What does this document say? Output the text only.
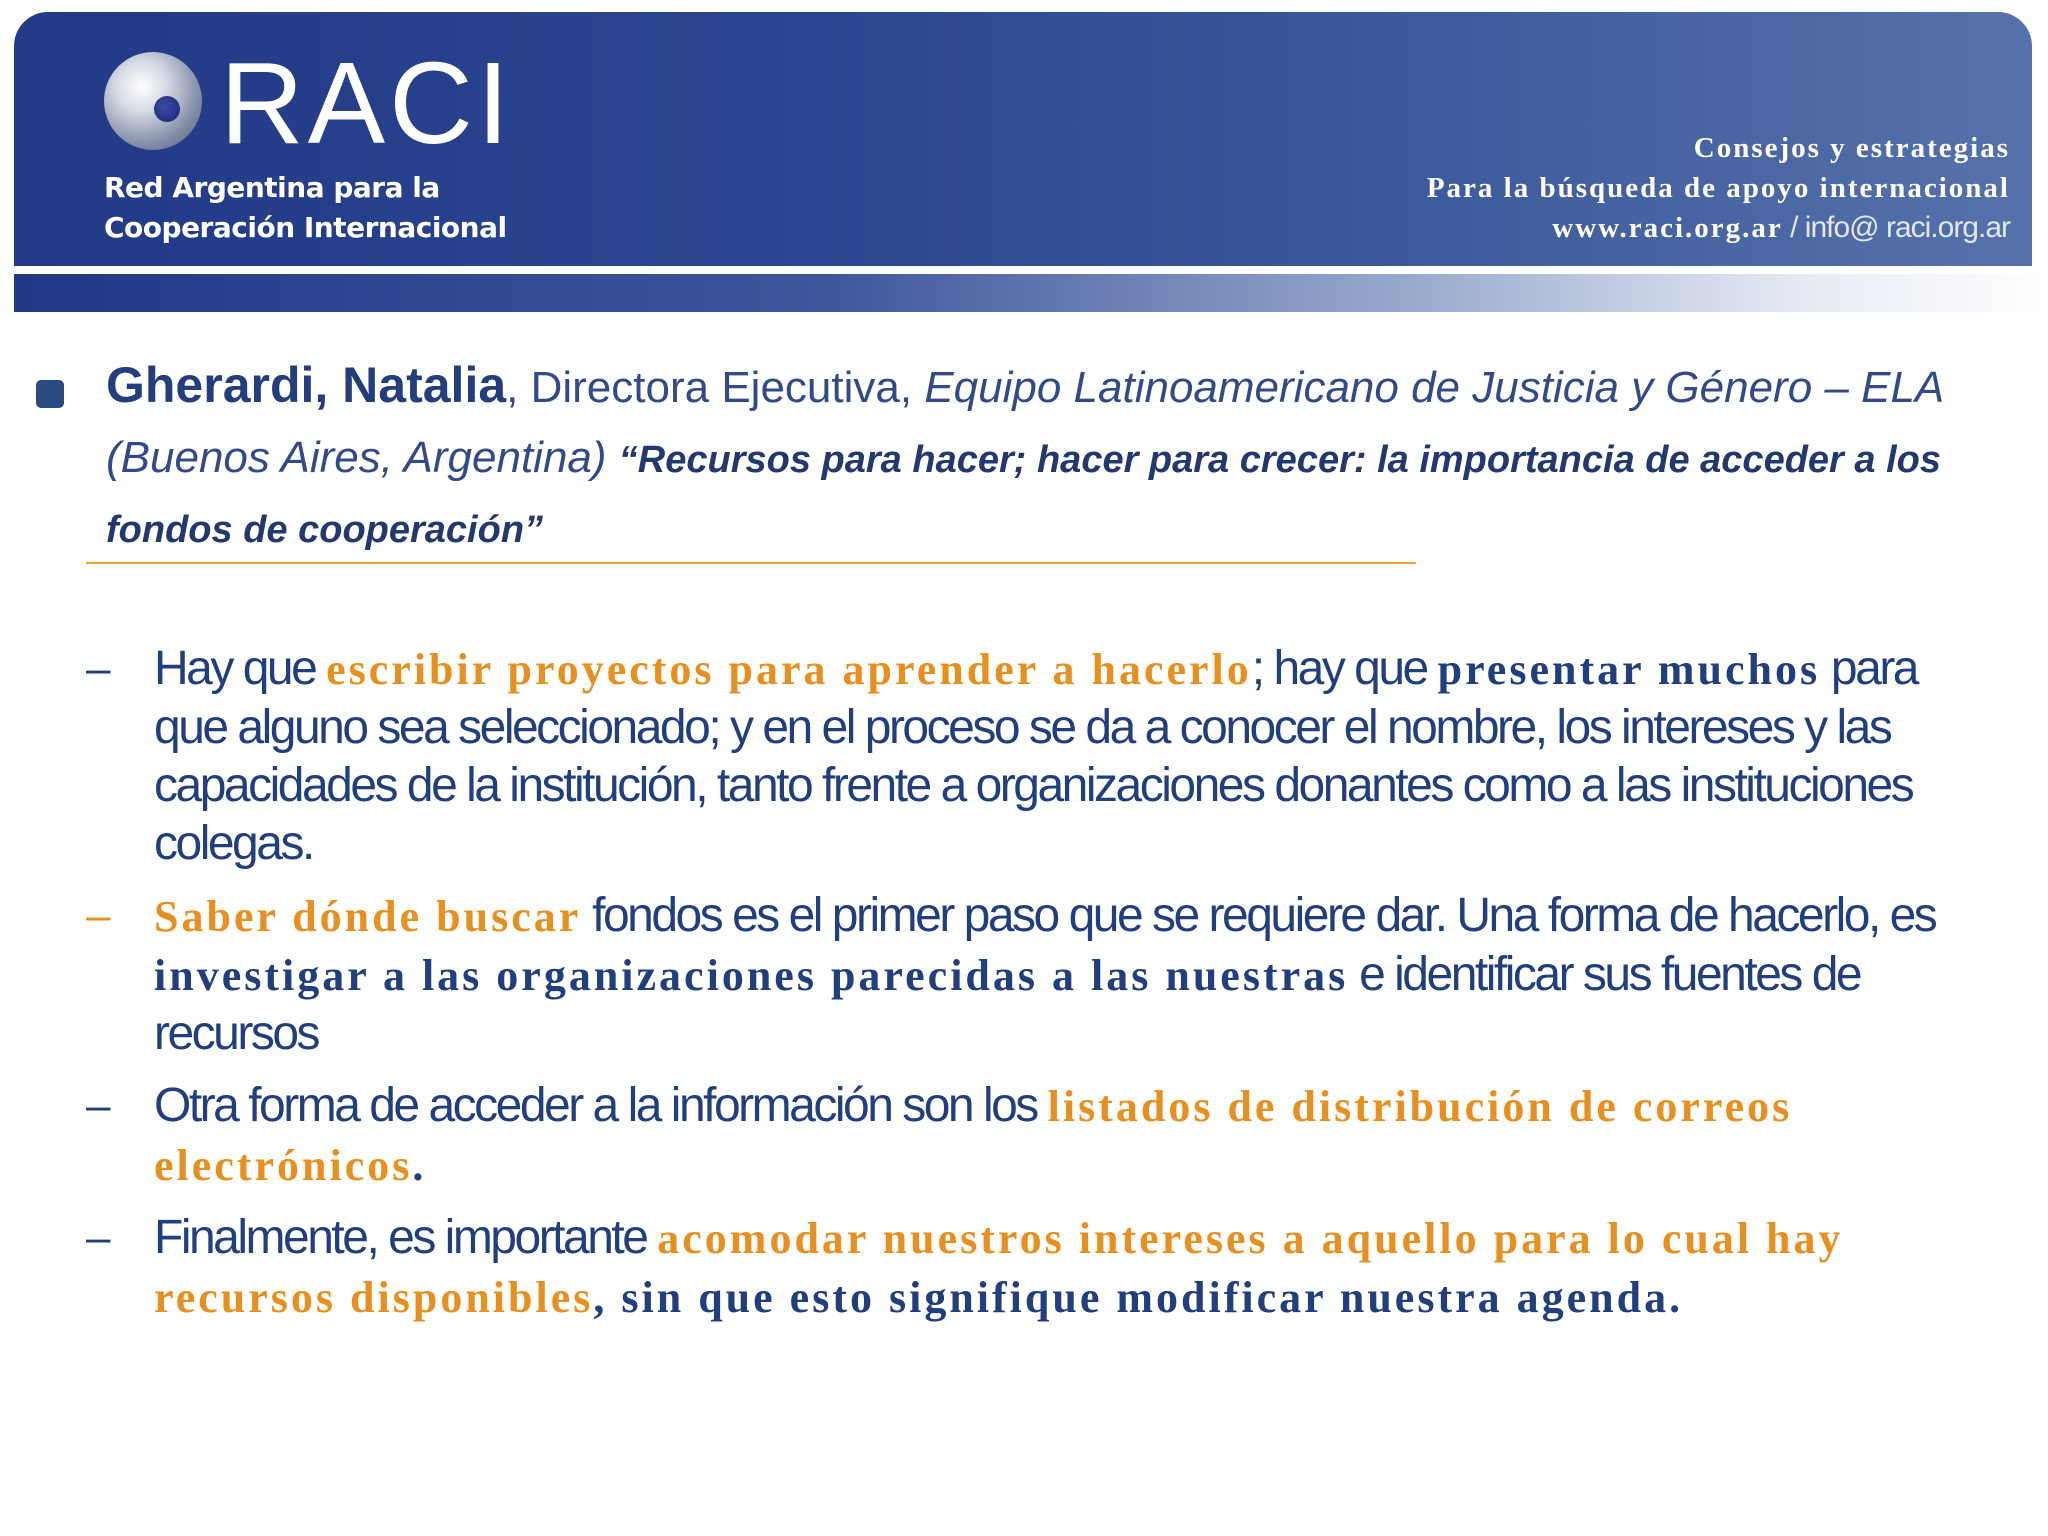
RACI
Red Argentina para la
Cooperación Internacional
Consejos y estrategias
Para la búsqueda de apoyo internacional
www.raci.org.ar / info@ raci.org.ar
Gherardi, Natalia, Directora Ejecutiva, Equipo Latinoamericano de Justicia y Género – ELA (Buenos Aires, Argentina) “Recursos para hacer; hacer para crecer: la importancia de acceder a los fondos de cooperación”
– Hay que escribir proyectos para aprender a hacerlo; hay que presentar muchos para que alguno sea seleccionado; y en el proceso se da a conocer el nombre, los intereses y las capacidades de la institución, tanto frente a organizaciones donantes como a las instituciones colegas.
– Saber dónde buscar fondos es el primer paso que se requiere dar. Una forma de hacerlo, es investigar a las organizaciones parecidas a las nuestras e identificar sus fuentes de recursos
– Otra forma de acceder a la información son los listados de distribución de correos electrónicos.
– Finalmente, es importante acomodar nuestros intereses a aquello para lo cual hay recursos disponibles, sin que esto signifique modificar nuestra agenda.
